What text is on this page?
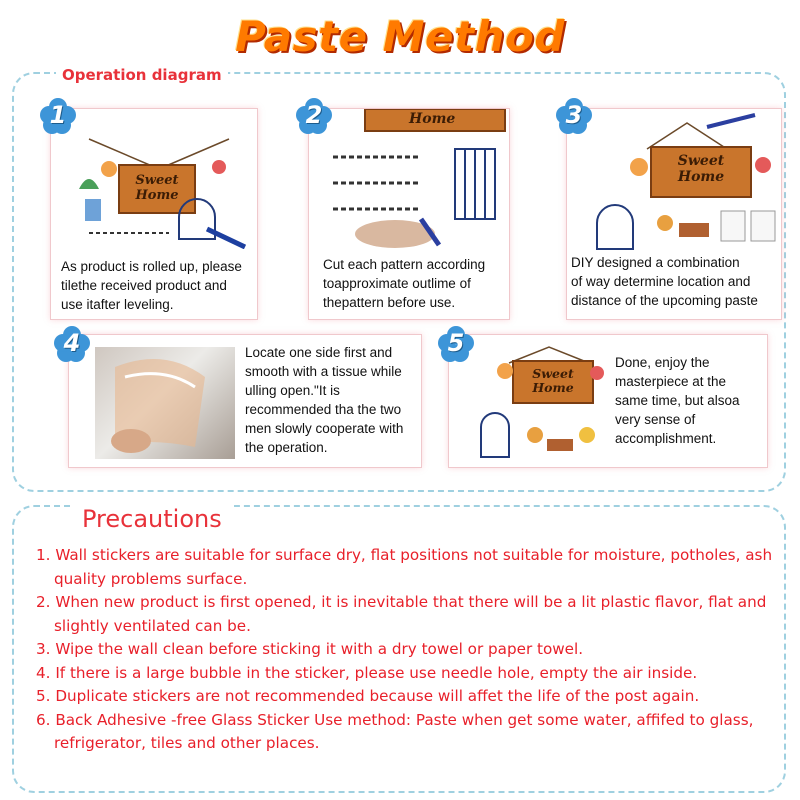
Paste Method
Operation diagram
Sweet
Home
As product is rolled up, please
tilethe received product and
use itafter leveling.
1	Home
Cut each pattern according
toapproximate outlime of
thepattern before use.
2
Sweet
Home
DIY designed a combination
of way determine location and
distance of the upcoming paste
3
Locate one side first and
smooth with a tissue while
ulling open."It is
recommended tha the two
men slowly cooperate with
the operation.
4
Sweet
Home
Done, enjoy the
masterpiece at the
same time, but alsoa
very sense of
accomplishment.
5
Precautions
1. Wall stickers are suitable for surface dry, flat positions not suitable for moisture, potholes, ash quality problems surface.
2. When new product is first opened, it is inevitable that there will be a lit plastic flavor, flat and slightly ventilated can be.
3. Wipe the wall clean before sticking it with a dry towel or paper towel.
4. If there is a large bubble in the sticker, please use needle hole, empty the air inside.
5. Duplicate stickers are not recommended because will affet the life of the post again.
6. Back Adhesive -free Glass Sticker Use method: Paste when get some water, affifed to glass, refrigerator, tiles and other places.
